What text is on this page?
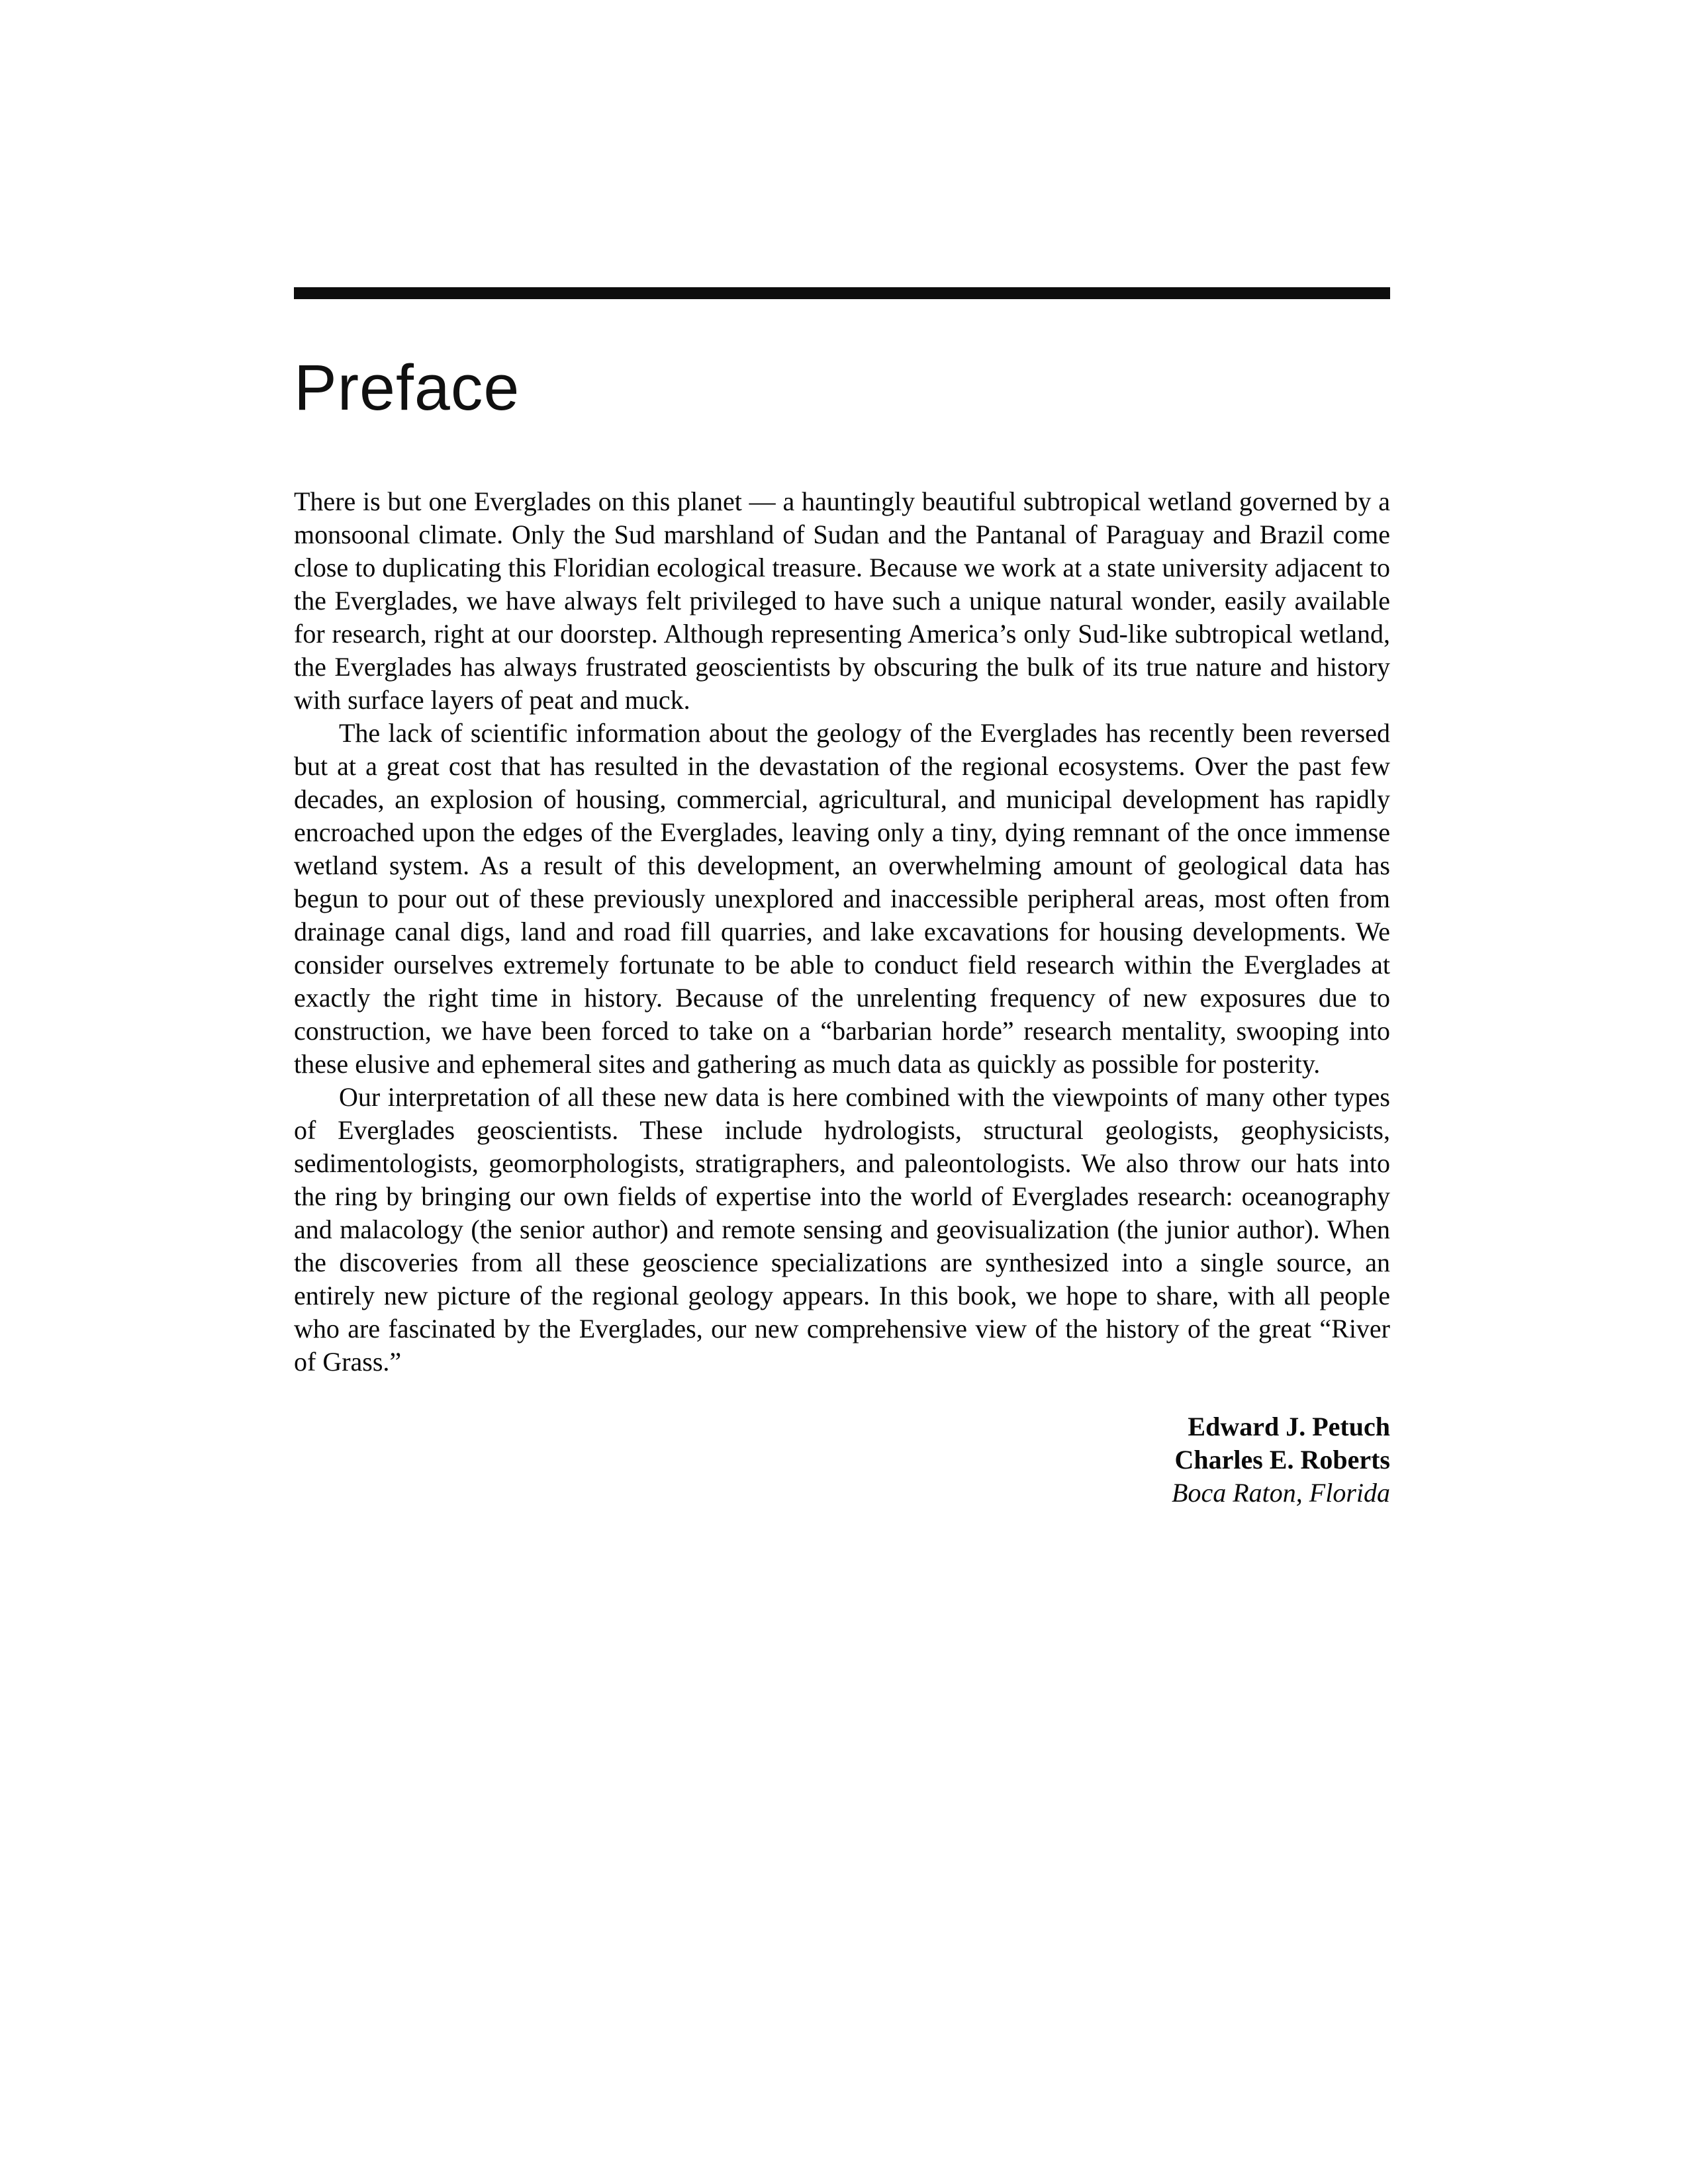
Preface

There is but one Everglades on this planet — a hauntingly beautiful subtropical wetland governed by a monsoonal climate. Only the Sud marshland of Sudan and the Pantanal of Paraguay and Brazil come close to duplicating this Floridian ecological treasure. Because we work at a state university adjacent to the Everglades, we have always felt privileged to have such a unique natural wonder, easily available for research, right at our doorstep. Although representing America’s only Sud-like subtropical wetland, the Everglades has always frustrated geoscientists by obscuring the bulk of its true nature and history with surface layers of peat and muck.

The lack of scientific information about the geology of the Everglades has recently been reversed but at a great cost that has resulted in the devastation of the regional ecosystems. Over the past few decades, an explosion of housing, commercial, agricultural, and municipal development has rapidly encroached upon the edges of the Everglades, leaving only a tiny, dying remnant of the once immense wetland system. As a result of this development, an overwhelming amount of geological data has begun to pour out of these previously unexplored and inaccessible peripheral areas, most often from drainage canal digs, land and road fill quarries, and lake excavations for housing developments. We consider ourselves extremely fortunate to be able to conduct field research within the Everglades at exactly the right time in history. Because of the unrelenting frequency of new exposures due to construction, we have been forced to take on a “barbarian horde” research mentality, swooping into these elusive and ephemeral sites and gathering as much data as quickly as possible for posterity.

Our interpretation of all these new data is here combined with the viewpoints of many other types of Everglades geoscientists. These include hydrologists, structural geologists, geophysicists, sedimentologists, geomorphologists, stratigraphers, and paleontologists. We also throw our hats into the ring by bringing our own fields of expertise into the world of Everglades research: oceanography and malacology (the senior author) and remote sensing and geovisualization (the junior author). When the discoveries from all these geoscience specializations are synthesized into a single source, an entirely new picture of the regional geology appears. In this book, we hope to share, with all people who are fascinated by the Everglades, our new comprehensive view of the history of the great “River of Grass.”

Edward J. Petuch
Charles E. Roberts
Boca Raton, Florida
